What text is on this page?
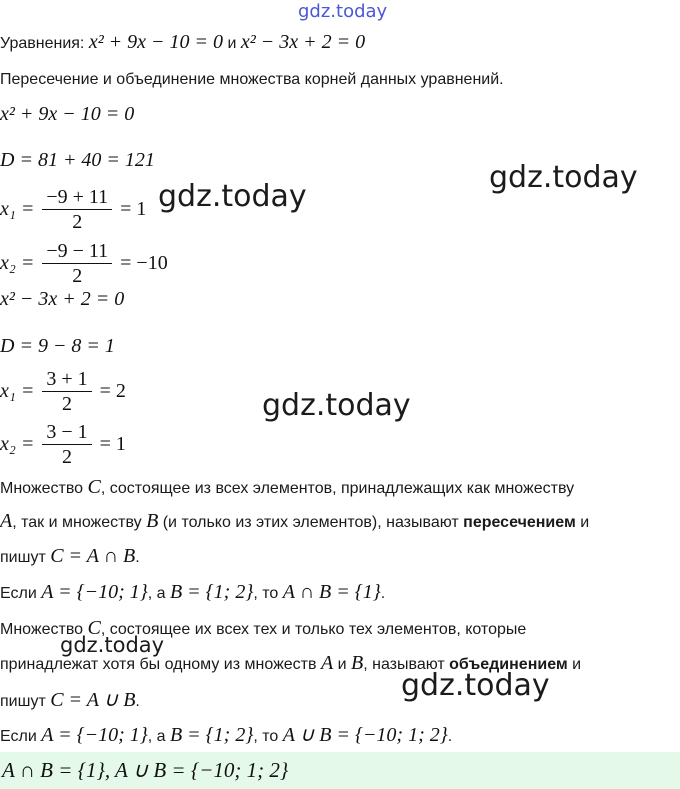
gdz.today
Уравнения: x² + 9x − 10 = 0 и x² − 3x + 2 = 0
Пересечение и объединение множества корней данных уравнений.
x² + 9x − 10 = 0
D = 81 + 40 = 121
$x_1 = \frac{-9 + 11}{2} = 1$
$x_2 = \frac{-9 - 11}{2} = -10$
x² − 3x + 2 = 0
D = 9 − 8 = 1
$x_1 = \frac{3 + 1}{2} = 2$
$x_2 = \frac{3 - 1}{2} = 1$
Множество C, состоящее из всех элементов, принадлежащих как множеству
A, так и множеству B (и только из этих элементов), называют пересечением и
пишут C = A ∩ B.
Если A = {−10; 1}, а B = {1; 2}, то A ∩ B = {1}.
Множество C, состоящее их всех тех и только тех элементов, которые
принадлежат хотя бы одному из множеств A и B, называют объединением и
пишут C = A ∪ B.
Если A = {−10; 1}, а B = {1; 2}, то A ∪ B = {−10; 1; 2}.
A ∩ B = {1}, A ∪ B = {−10; 1; 2}
gdz.today
gdz.today
gdz.today
gdz.today
gdz.today
